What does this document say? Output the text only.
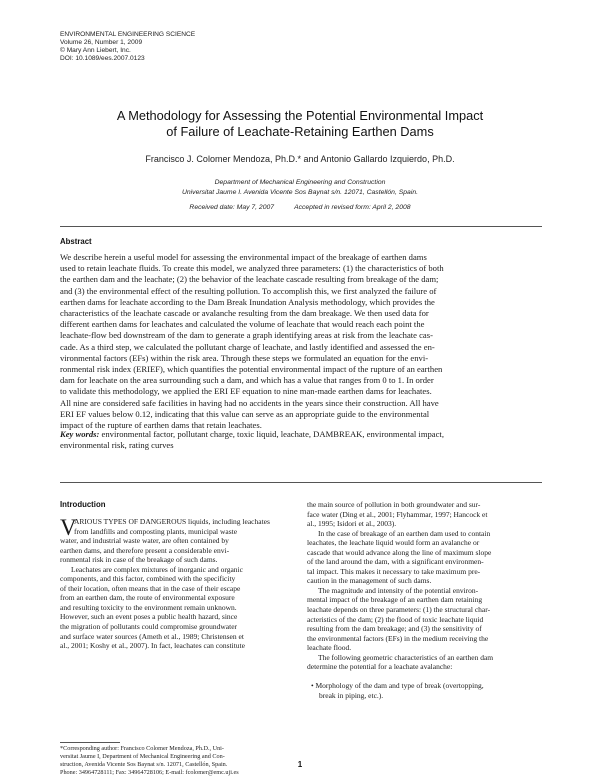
ENVIRONMENTAL ENGINEERING SCIENCE
Volume 26, Number 1, 2009
© Mary Ann Liebert, Inc.
DOI: 10.1089/ees.2007.0123
A Methodology for Assessing the Potential Environmental Impact
of Failure of Leachate-Retaining Earthen Dams
Francisco J. Colomer Mendoza, Ph.D.* and Antonio Gallardo Izquierdo, Ph.D.
Department of Mechanical Engineering and Construction
Universitat Jaume I. Avenida Vicente Sos Baynat s/n. 12071, Castellón, Spain.
Received date: May 7, 2007	Accepted in revised form: April 2, 2008
Abstract
We describe herein a useful model for assessing the environmental impact of the breakage of earthen dams
used to retain leachate fluids. To create this model, we analyzed three parameters: (1) the characteristics of both
the earthen dam and the leachate; (2) the behavior of the leachate cascade resulting from breakage of the dam;
and (3) the environmental effect of the resulting pollution. To accomplish this, we first analyzed the failure of
earthen dams for leachate according to the Dam Break Inundation Analysis methodology, which provides the
characteristics of the leachate cascade or avalanche resulting from the dam breakage. We then used data for
different earthen dams for leachates and calculated the volume of leachate that would reach each point the
leachate-flow bed downstream of the dam to generate a graph identifying areas at risk from the leachate cas-
cade. As a third step, we calculated the pollutant charge of leachate, and lastly identified and assessed the en-
vironmental factors (EFs) within the risk area. Through these steps we formulated an equation for the envi-
ronmental risk index (ERIEF), which quantifies the potential environmental impact of the rupture of an earthen
dam for leachate on the area surrounding such a dam, and which has a value that ranges from 0 to 1. In order
to validate this methodology, we applied the ERI EF equation to nine man-made earthen dams for leachates.
All nine are considered safe facilities in having had no accidents in the years since their construction. All have
ERI EF values below 0.12, indicating that this value can serve as an appropriate guide to the environmental
impact of the rupture of earthen dams that retain leachates.
Key words: environmental factor, pollutant charge, toxic liquid, leachate, DAMBREAK, environmental impact,
environmental risk, rating curves
Introduction
V
ARIOUS TYPES OF DANGEROUS liquids, including leachates
from landfills and composting plants, municipal waste
water, and industrial waste water, are often contained by
earthen dams, and therefore present a considerable envi-
ronmental risk in case of the breakage of such dams.
Leachates are complex mixtures of inorganic and organic
components, and this factor, combined with the specificity
of their location, often means that in the case of their escape
from an earthen dam, the route of environmental exposure
and resulting toxicity to the environment remain unknown.
However, such an event poses a public health hazard, since
the migration of pollutants could compromise groundwater
and surface water sources (Ameth et al., 1989; Christensen et
al., 2001; Koshy et al., 2007). In fact, leachates can constitute
the main source of pollution in both groundwater and sur-
face water (Ding et al., 2001; Flyhammar, 1997; Hancock et
al., 1995; Isidori et al., 2003).
In the case of breakage of an earthen dam used to contain
leachates, the leachate liquid would form an avalanche or
cascade that would advance along the line of maximum slope
of the land around the dam, with a significant environmen-
tal impact. This makes it necessary to take maximum pre-
caution in the management of such dams.
The magnitude and intensity of the potential environ-
mental impact of the breakage of an earthen dam retaining
leachate depends on three parameters: (1) the structural char-
acteristics of the dam; (2) the flood of toxic leachate liquid
resulting from the dam breakage; and (3) the sensitivity of
the environmental factors (EFs) in the medium receiving the
leachate flood.
The following geometric characteristics of an earthen dam
determine the potential for a leachate avalanche:
• Morphology of the dam and type of break (overtopping,
break in piping, etc.).
*Corresponding author: Francisco Colomer Mendoza, Ph.D., Uni-
versitat Jaume I, Department of Mechanical Engineering and Con-
struction, Avenida Vicente Sos Baynat s/n. 12071, Castellón, Spain.
Phone: 34964728111; Fax: 34964728106; E-mail: fcolomer@emc.uji.es
1
